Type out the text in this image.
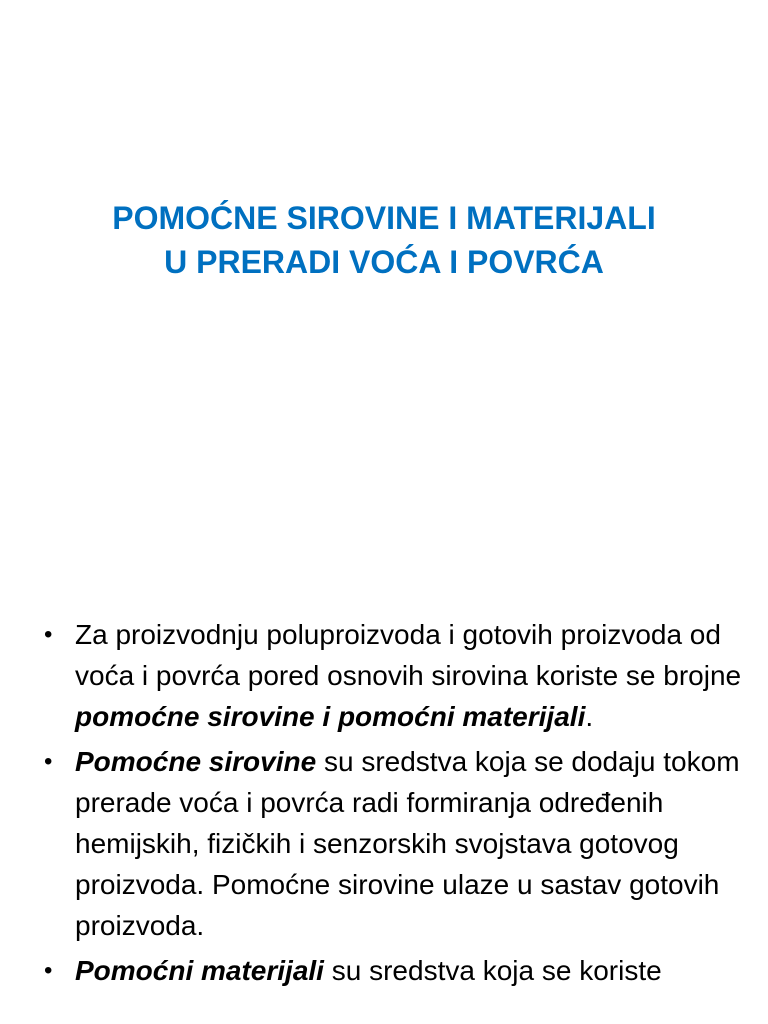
POMOĆNE SIROVINE I MATERIJALI
U PRERADI VOĆA I POVRĆA
• Za proizvodnju poluproizvoda i gotovih proizvoda od voća i povrća pored osnovih sirovina koriste se brojne pomoćne sirovine i pomoćni materijali.
• Pomoćne sirovine su sredstva koja se dodaju tokom prerade voća i povrća radi formiranja određenih hemijskih, fizičkih i senzorskih svojstava gotovog proizvoda. Pomoćne sirovine ulaze u sastav gotovih proizvoda.
• Pomoćni materijali su sredstva koja se koriste
